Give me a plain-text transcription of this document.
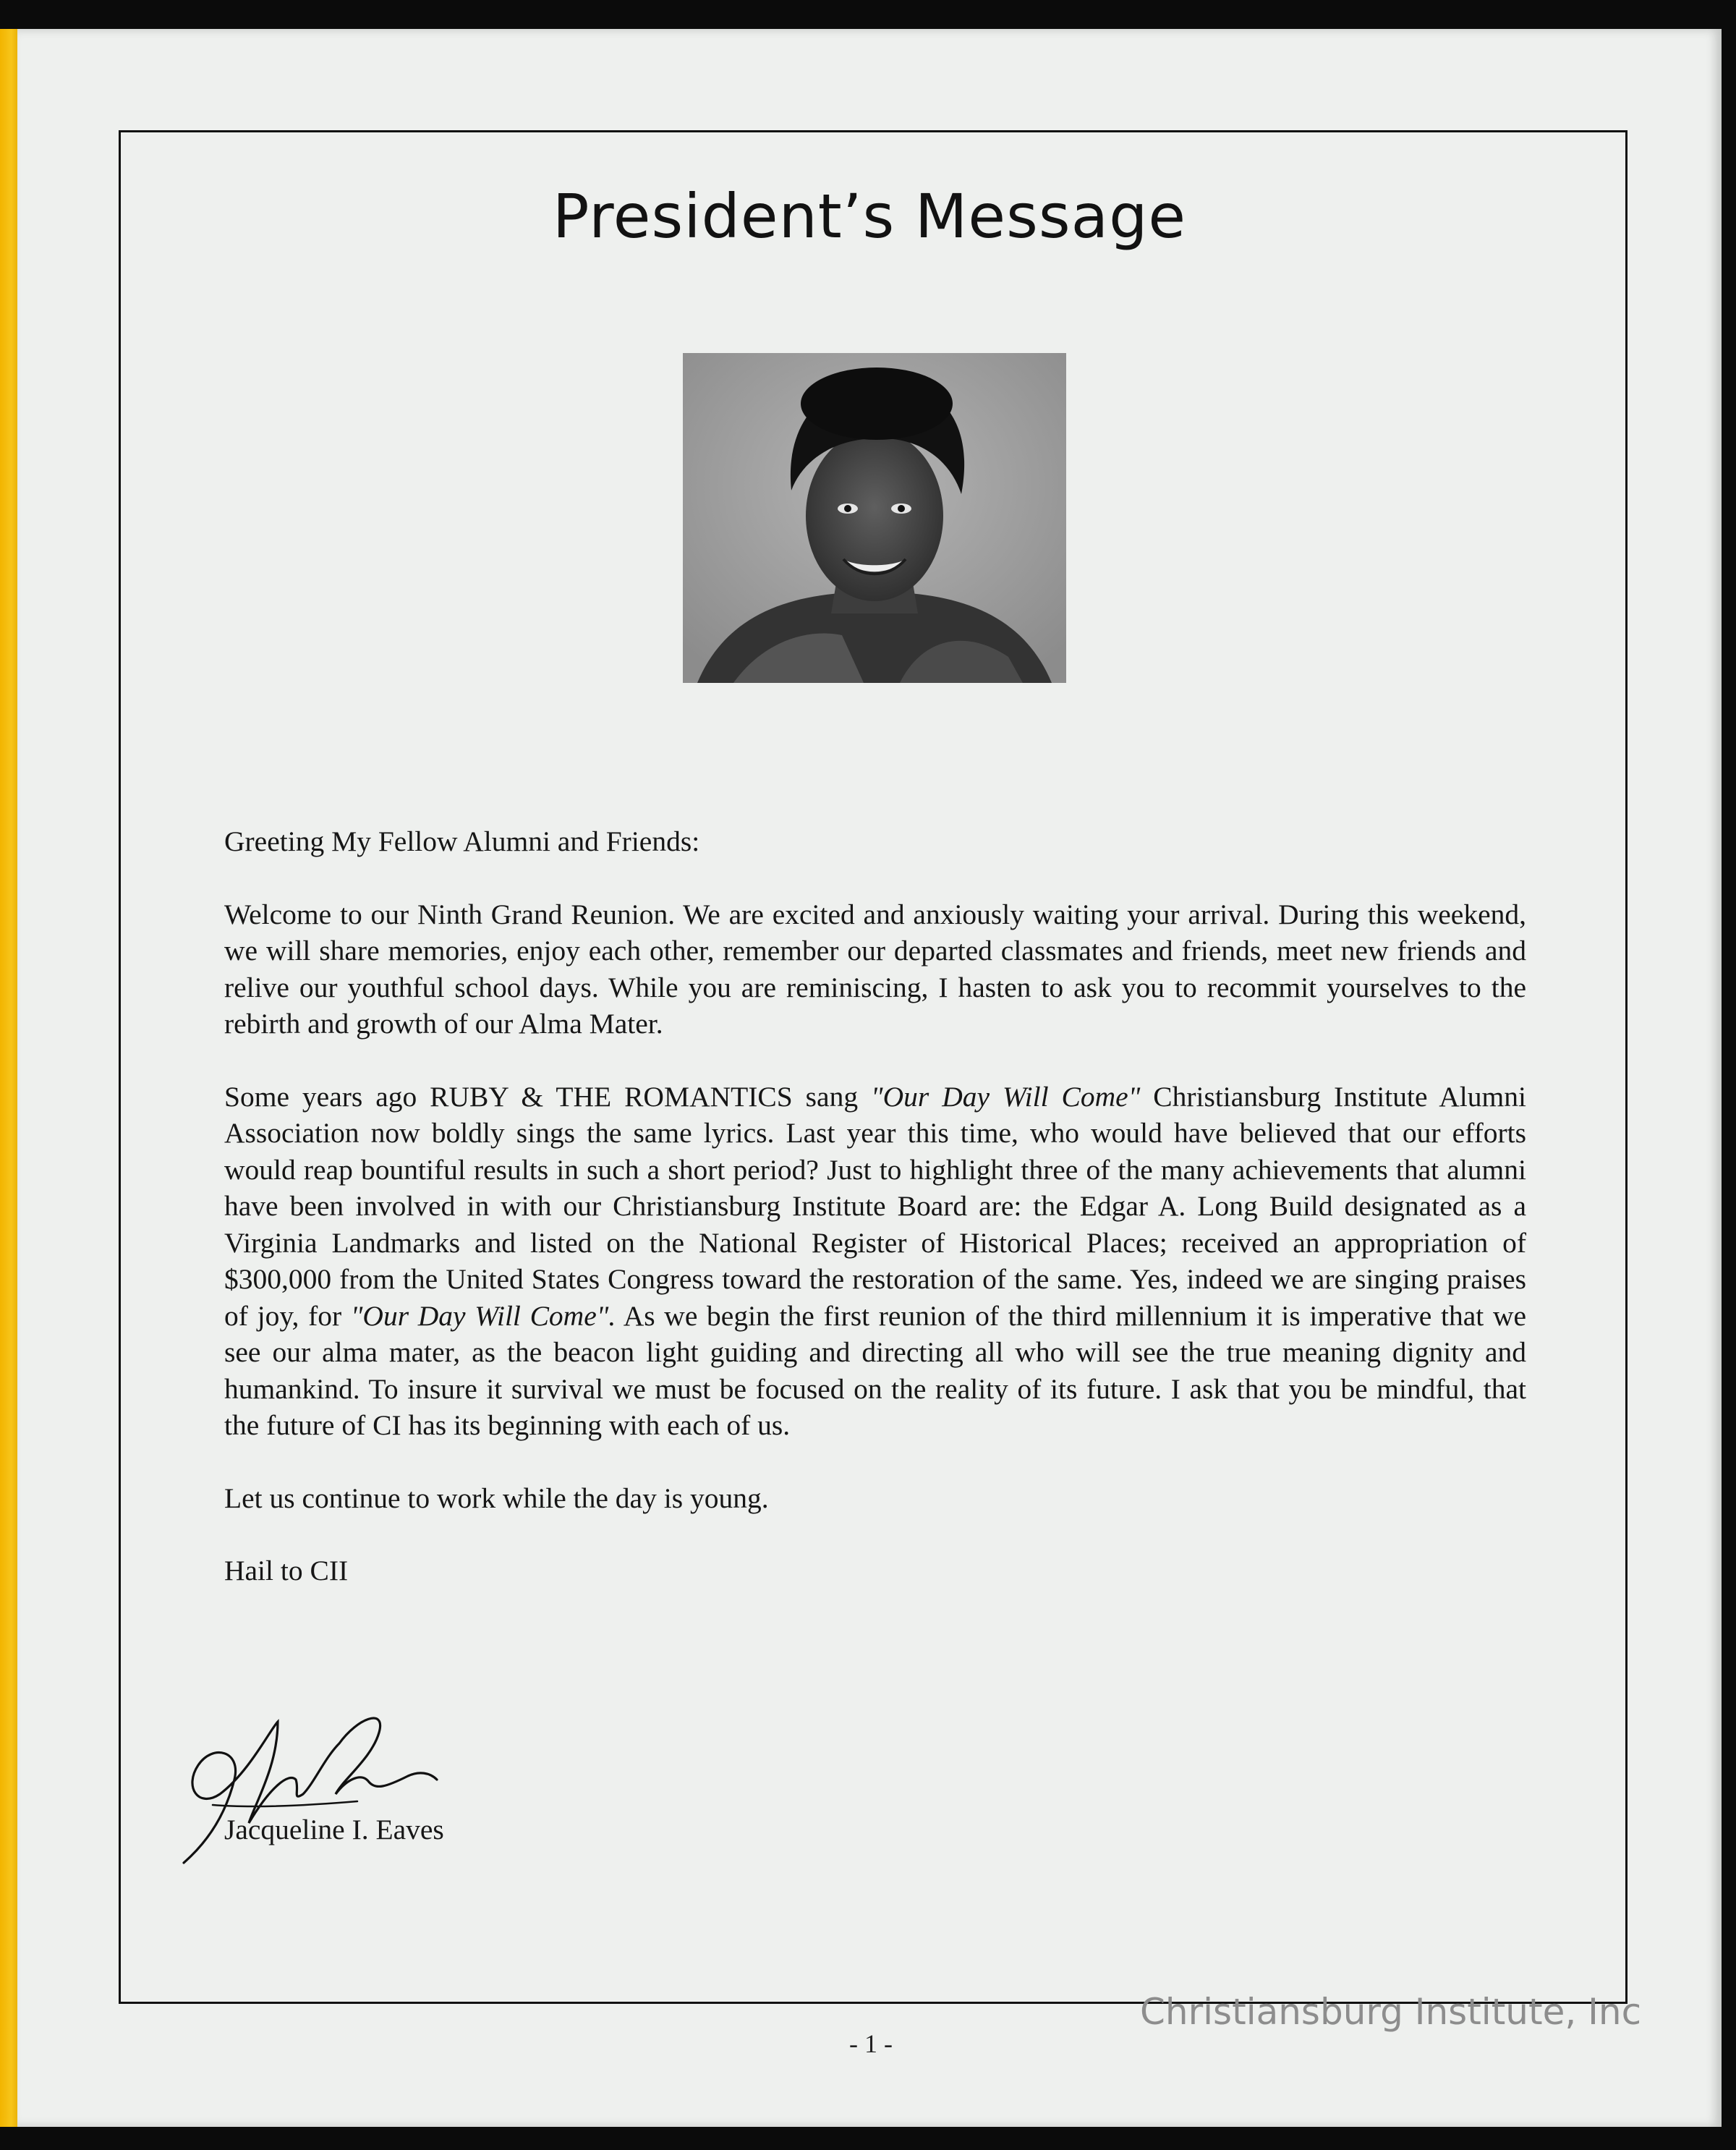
President’s Message

Greeting My Fellow Alumni and Friends:

Welcome to our Ninth Grand Reunion. We are excited and anxiously waiting your arrival. During this weekend, we will share memories, enjoy each other, remember our departed classmates and friends, meet new friends and relive our youthful school days. While you are reminiscing, I hasten to ask you to recommit yourselves to the rebirth and growth of our Alma Mater.

Some years ago RUBY & THE ROMANTICS sang "Our Day Will Come" Christiansburg Institute Alumni Association now boldly sings the same lyrics. Last year this time, who would have believed that our efforts would reap bountiful results in such a short period? Just to highlight three of the many achievements that alumni have been involved in with our Christiansburg Institute Board are: the Edgar A. Long Build designated as a Virginia Landmarks and listed on the National Register of Historical Places; received an appropriation of $300,000 from the United States Congress toward the restoration of the same. Yes, indeed we are singing praises of joy, for "Our Day Will Come". As we begin the first reunion of the third millennium it is imperative that we see our alma mater, as the beacon light guiding and directing all who will see the true meaning dignity and humankind. To insure it survival we must be focused on the reality of its future. I ask that you be mindful, that the future of CI has its beginning with each of us.

Let us continue to work while the day is young.

Hail to CII

Jacqueline I. Eaves
- 1 -
Christiansburg Institute, Inc
